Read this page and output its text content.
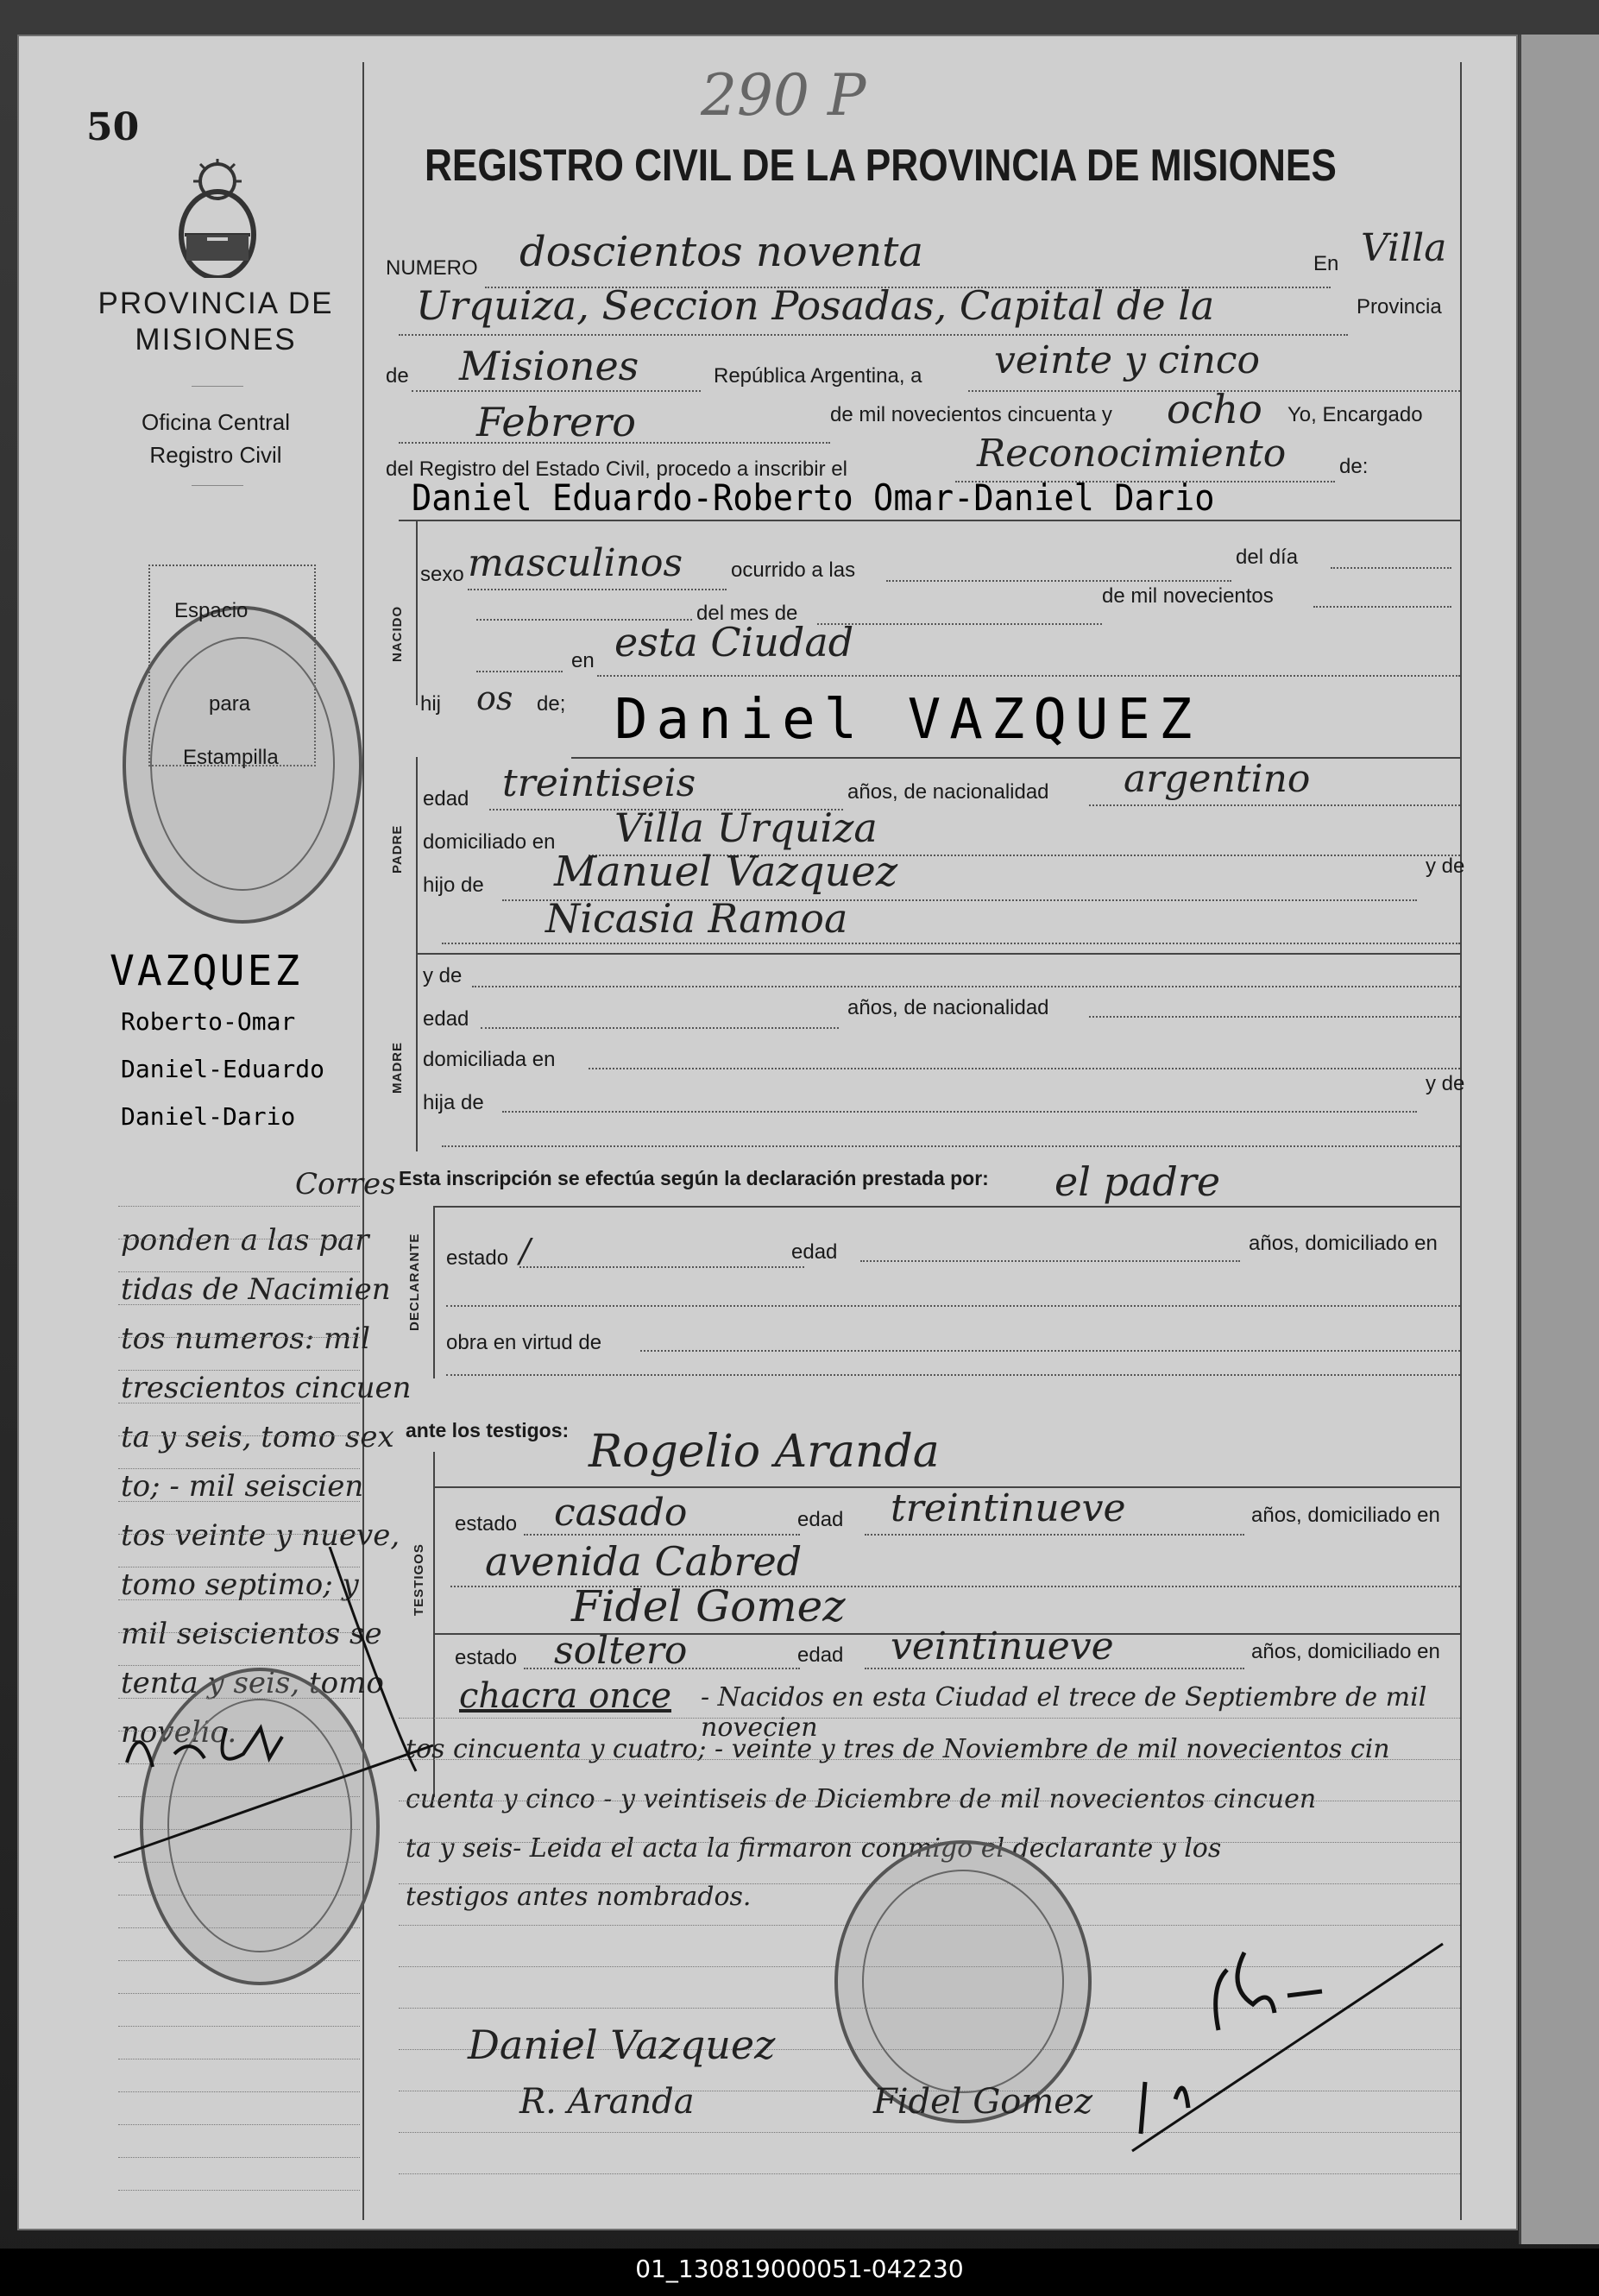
50	290 P
PROVINCIA DE
MISIONES
Oficina Central
Registro Civil
Espacio
para
Estampilla
VAZQUEZ
Roberto-Omar
Daniel-Eduardo
Daniel-Dario
Corres
ponden a las par
tidas de Nacimien
tos numeros: mil
trescientos cincuen
ta y seis, tomo sex
to; - mil seiscien
tos veinte y nueve,
tomo septimo; y
mil seiscientos se
tenta y seis, tomo
novelio.
REGISTRO CIVIL DE LA PROVINCIA DE MISIONES
NUMERO doscientos noventa	En Villa
Urquiza, Seccion Posadas, Capital de la	Provincia
de Misiones	República Argentina, a veinte y cinco
Febrero	de mil novecientos cincuenta y ocho Yo, Encargado
del Registro del Estado Civil, procedo a inscribir el	Reconocimiento	de:
Daniel Eduardo-Roberto Omar-Daniel Dario
NACIDO
sexo masculinos ocurrido a las
del día
del mes de
de mil novecientos
en esta Ciudad
hij os de; Daniel VAZQUEZ
PADRE
edad treintiseis	años, de nacionalidad argentino
domiciliado en Villa Urquiza
hijo de Manuel Vazquez	y de
Nicasia Ramoa
MADRE
y de
edad	años, de nacionalidad
domiciliada en
hija de
y de
Esta inscripción se efectúa según la declaración prestada por: el padre
DECLARANTE estado /	edad	años, domiciliado en
obra en virtud de
ante los testigos: Rogelio Aranda
TESTIGOS
estado casado	edad treintinueve	años, domiciliado en
avenida Cabred
Fidel Gomez
estado soltero	edad veintinueve	años, domiciliado en
chacra once - Nacidos en esta Ciudad el trece de Septiembre de mil novecien
tos cincuenta y cuatro; - veinte y tres de Noviembre de mil novecientos cin
cuenta y cinco - y veintiseis de Diciembre de mil novecientos cincuen
ta y seis- Leida el acta la firmaron conmigo el declarante y los
testigos antes nombrados.
Daniel Vazquez
R. Aranda	Fidel Gomez
01_130819000051-042230
